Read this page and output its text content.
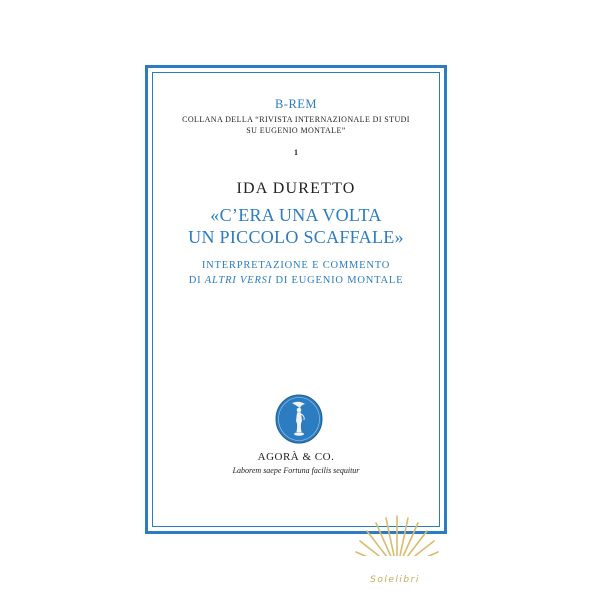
B-REM
COLLANA DELLA “RIVISTA INTERNAZIONALE DI STUDI
SU EUGENIO MONTALE”
1
IDA DURETTO
«C’ERA UNA VOLTA
UN PICCOLO SCAFFALE»
INTERPRETAZIONE E COMMENTO
DI ALTRI VERSI DI EUGENIO MONTALE
AGORÀ & CO.
Laborem saepe Fortuna facilis sequitur
Solelibri
